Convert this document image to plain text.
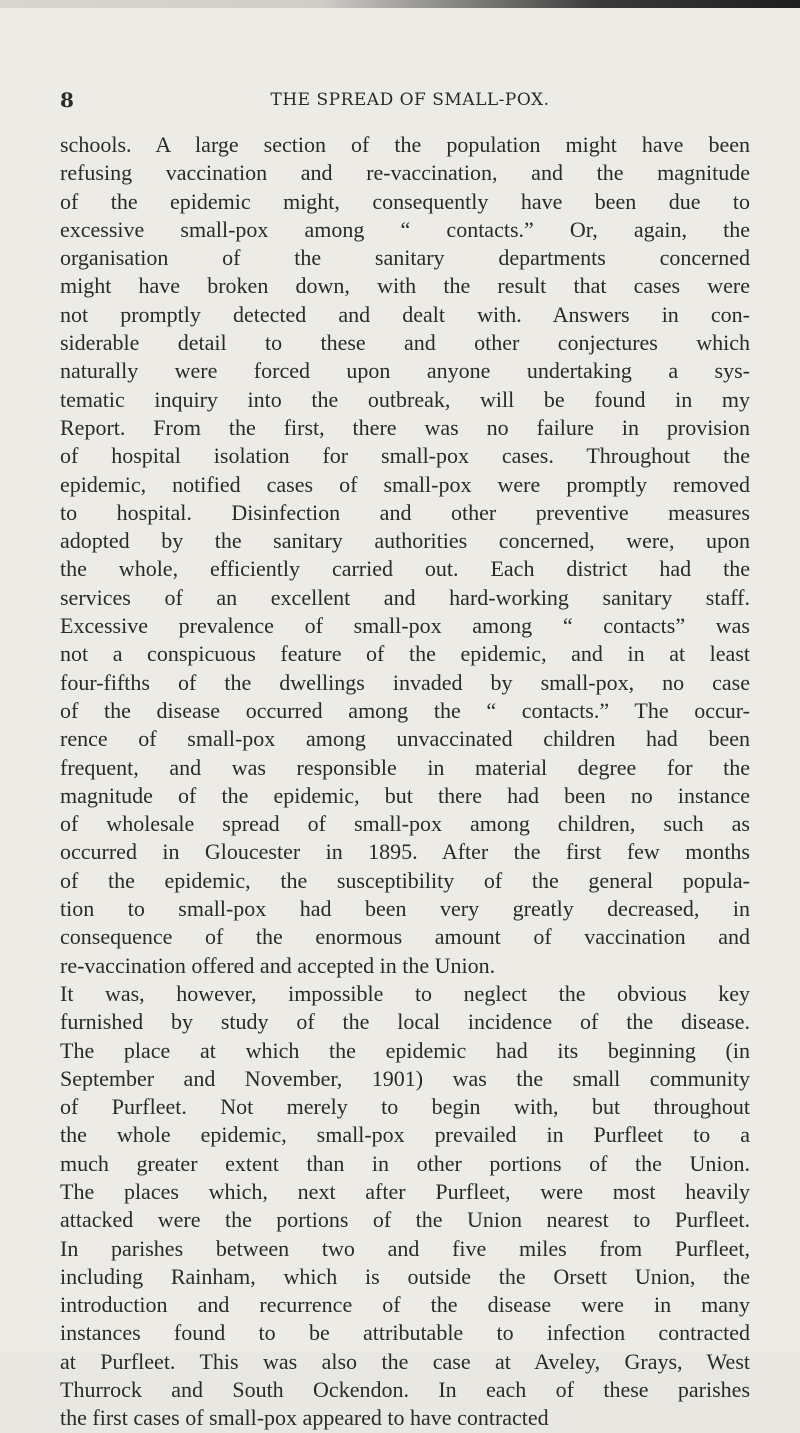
8	THE SPREAD OF SMALL-POX.

schools. A large section of the population might have been

refusing vaccination and re-vaccination, and the magnitude

of the epidemic might, consequently have been due to

excessive small-pox among “ contacts.” Or, again, the

organisation of the sanitary departments concerned

might have broken down, with the result that cases were

not promptly detected and dealt with. Answers in con-

siderable detail to these and other conjectures which

naturally were forced upon anyone undertaking a sys-

tematic inquiry into the outbreak, will be found in my

Report. From the first, there was no failure in provision

of hospital isolation for small-pox cases. Throughout the

epidemic, notified cases of small-pox were promptly removed

to hospital. Disinfection and other preventive measures

adopted by the sanitary authorities concerned, were, upon

the whole, efficiently carried out. Each district had the

services of an excellent and hard-working sanitary staff.

Excessive prevalence of small-pox among “ contacts” was

not a conspicuous feature of the epidemic, and in at least

four-fifths of the dwellings invaded by small-pox, no case

of the disease occurred among the “ contacts.” The occur-

rence of small-pox among unvaccinated children had been

frequent, and was responsible in material degree for the

magnitude of the epidemic, but there had been no instance

of wholesale spread of small-pox among children, such as

occurred in Gloucester in 1895. After the first few months

of the epidemic, the susceptibility of the general popula-

tion to small-pox had been very greatly decreased, in

consequence of the enormous amount of vaccination and

re-vaccination offered and accepted in the Union.

It was, however, impossible to neglect the obvious key

furnished by study of the local incidence of the disease.

The place at which the epidemic had its beginning (in

September and November, 1901) was the small community

of Purfleet. Not merely to begin with, but throughout

the whole epidemic, small-pox prevailed in Purfleet to a

much greater extent than in other portions of the Union.

The places which, next after Purfleet, were most heavily

attacked were the portions of the Union nearest to Purfleet.

In parishes between two and five miles from Purfleet,

including Rainham, which is outside the Orsett Union, the

introduction and recurrence of the disease were in many

instances found to be attributable to infection contracted

at Purfleet. This was also the case at Aveley, Grays, West

Thurrock and South Ockendon. In each of these parishes

the first cases of small-pox appeared to have contracted
